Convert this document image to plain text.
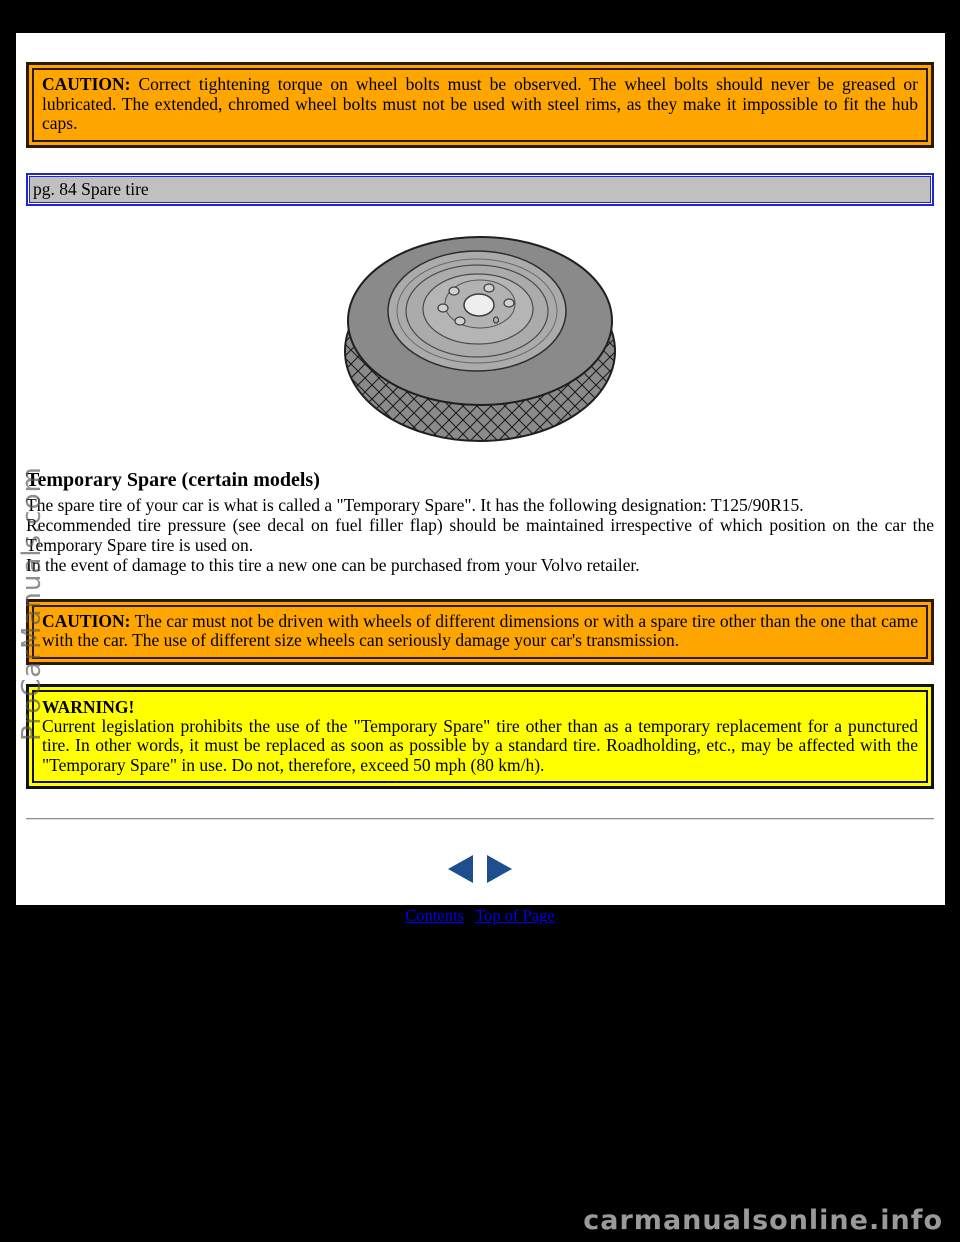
CAUTION: Correct tightening torque on wheel bolts must be observed. The wheel bolts should never be greased or lubricated. The extended, chromed wheel bolts must not be used with steel rims, as they make it impossible to fit the hub caps.

pg. 84 Spare tire
Temporary Spare (certain models)

The spare tire of your car is what is called a "Temporary Spare". It has the following designation: T125/90R15.

Recommended tire pressure (see decal on fuel filler flap) should be maintained irrespective of which position on the car the Temporary Spare tire is used on.

In the event of damage to this tire a new one can be purchased from your Volvo retailer.

CAUTION: The car must not be driven with wheels of different dimensions or with a spare tire other than the one that came with the car. The use of different size wheels can seriously damage your car's transmission.

WARNING!

Current legislation prohibits the use of the "Temporary Spare" tire other than as a temporary replacement for a punctured tire. In other words, it must be replaced as soon as possible by a standard tire. Roadholding, etc., may be affected with the "Temporary Spare" in use. Do not, therefore, exceed 50 mph (80 km/h).

Contents | Top of Page
ProCarManuals.com
carmanualsonline.info
